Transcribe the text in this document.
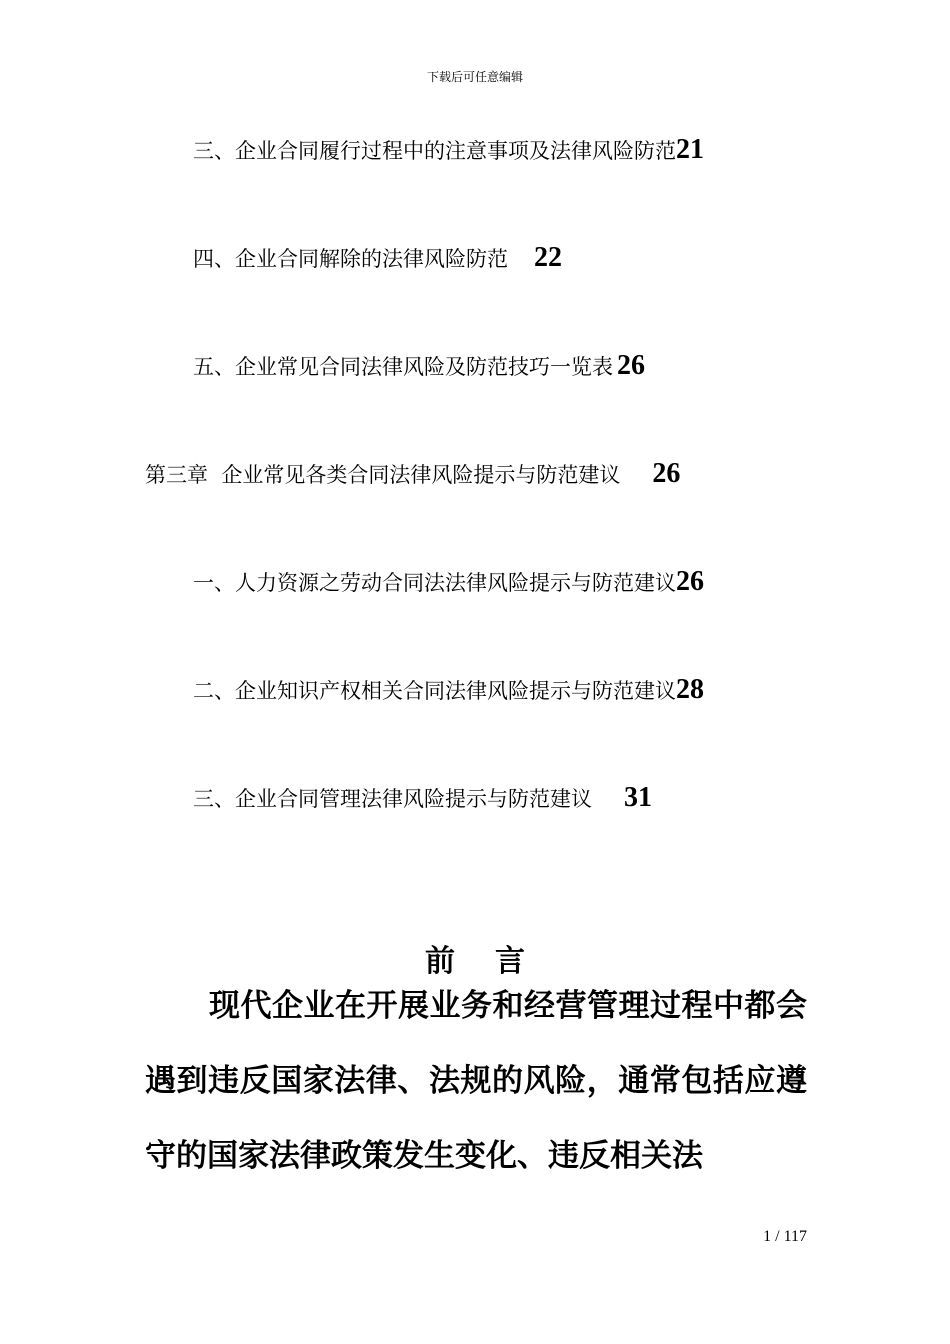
下载后可任意编辑
三、企业合同履行过程中的注意事项及法律风险防范21
四、企业合同解除的法律风险防范 22
五、企业常见合同法律风险及防范技巧一览表 26
第三章  企业常见各类合同法律风险提示与防范建议 26
一、人力资源之劳动合同法法律风险提示与防范建议26
二、企业知识产权相关合同法律风险提示与防范建议28
三、企业合同管理法律风险提示与防范建议 31
前言

现代企业在开展业务和经营管理过程中都会遇到违反国家法律、法规的风险，通常包括应遵守的国家法律政策发生变化、违反相关法

1 / 117
